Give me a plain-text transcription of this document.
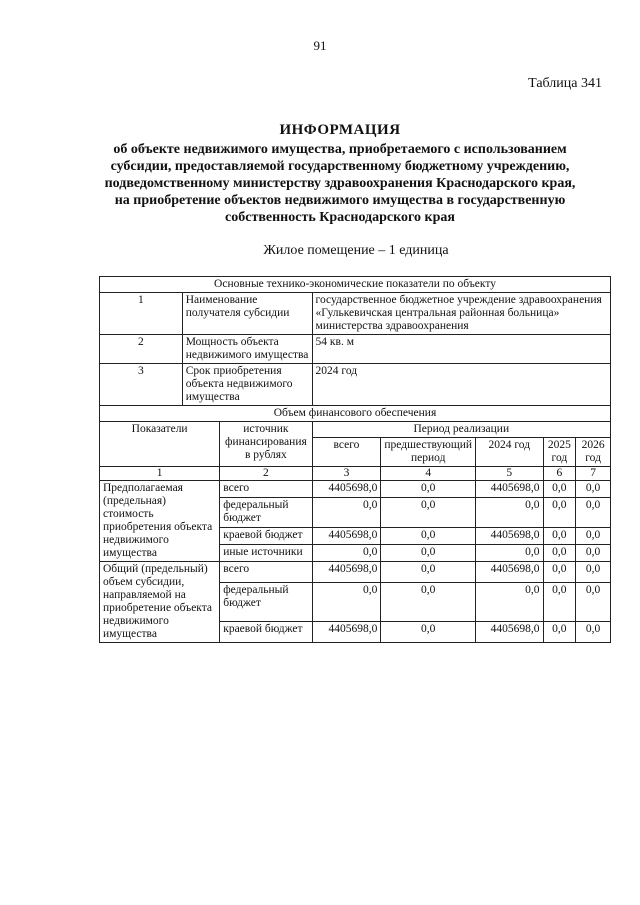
91
Таблица 341
ИНФОРМАЦИЯ
об объекте недвижимого имущества, приобретаемого с использованием
субсидии, предоставляемой государственному бюджетному учреждению,
подведомственному министерству здравоохранения Краснодарского края,
на приобретение объектов недвижимого имущества в государственную
собственность Краснодарского края
Жилое помещение – 1 единица
Основные технико-экономические показатели по объекту							
1	Наименование получателя субсидии		государственное бюджетное учреждение здравоохранения «Гулькевичская центральная районная больница» министерства здравоохранения				
2	Мощность объекта недвижимого имущества		54 кв. м				
3	Срок приобретения объекта недвижимого имущества		2024 год				
Объем финансового обеспечения							
Показатели		источник финансирования в рублях	Период реализации				
			всего	предшествующий период	2024 год	2025 год	2026 год
1		2	3	4	5	6	7
Предполагаемая (предельная) стоимость приобретения объекта недвижимого имущества		всего	4405698,0	0,0	4405698,0	0,0	0,0
		федеральный бюджет	0,0	0,0	0,0	0,0	0,0
		краевой бюджет	4405698,0	0,0	4405698,0	0,0	0,0
		иные источники	0,0	0,0	0,0	0,0	0,0
Общий (предельный) объем субсидии, направляемой на приобретение объекта недвижимого имущества		всего	4405698,0	0,0	4405698,0	0,0	0,0
		федеральный бюджет	0,0	0,0	0,0	0,0	0,0
		краевой бюджет	4405698,0	0,0	4405698,0	0,0	0,0
